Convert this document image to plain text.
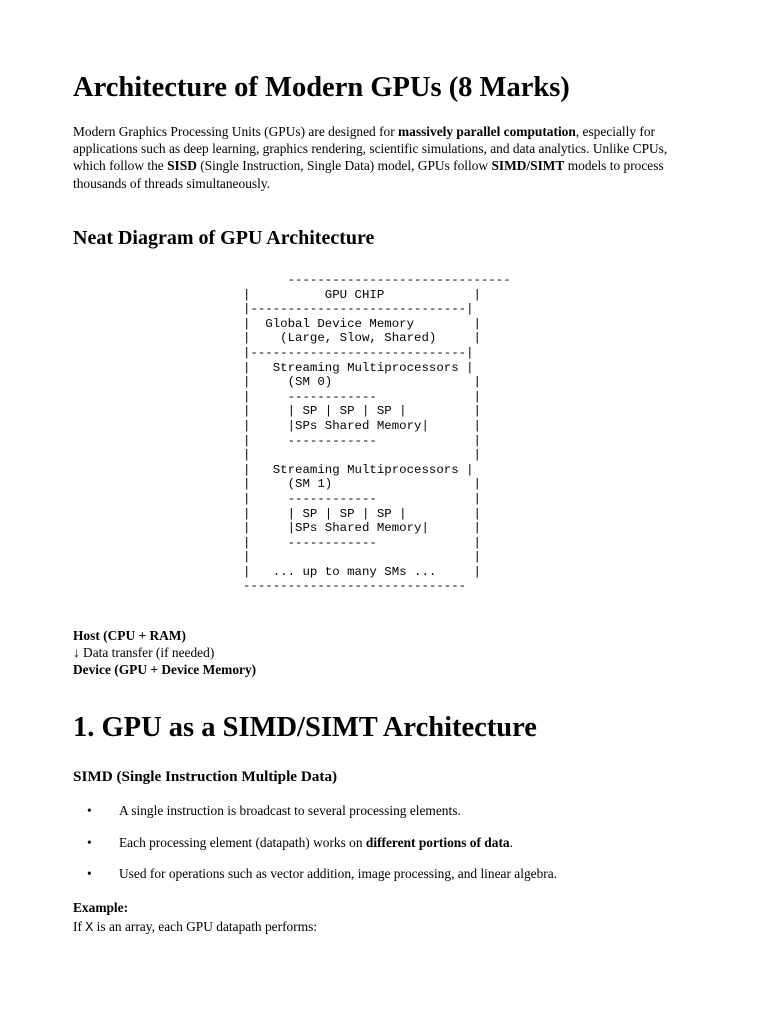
Architecture of Modern GPUs (8 Marks)

Modern Graphics Processing Units (GPUs) are designed for massively parallel computation, especially for applications such as deep learning, graphics rendering, scientific simulations, and data analytics. Unlike CPUs, which follow the SISD (Single Instruction, Single Data) model, GPUs follow SIMD/SIMT models to process thousands of threads simultaneously.

Neat Diagram of GPU Architecture
------------------------------
|          GPU CHIP            |
|-----------------------------|
|  Global Device Memory        |
|    (Large, Slow, Shared)     |
|-----------------------------|
|   Streaming Multiprocessors |
|     (SM 0)                   |
|     ------------             |
|     | SP | SP | SP |         |
|     |SPs Shared Memory|      |
|     ------------             |
|                              |
|   Streaming Multiprocessors |
|     (SM 1)                   |
|     ------------             |
|     | SP | SP | SP |         |
|     |SPs Shared Memory|      |
|     ------------             |
|                              |
|   ... up to many SMs ...     |
------------------------------
Host (CPU + RAM)
↓ Data transfer (if needed)
Device (GPU + Device Memory)
1. GPU as a SIMD/SIMT Architecture
SIMD (Single Instruction Multiple Data)
• A single instruction is broadcast to several processing elements.
• Each processing element (datapath) works on different portions of data.
• Used for operations such as vector addition, image processing, and linear algebra.
Example:
If X is an array, each GPU datapath performs:
